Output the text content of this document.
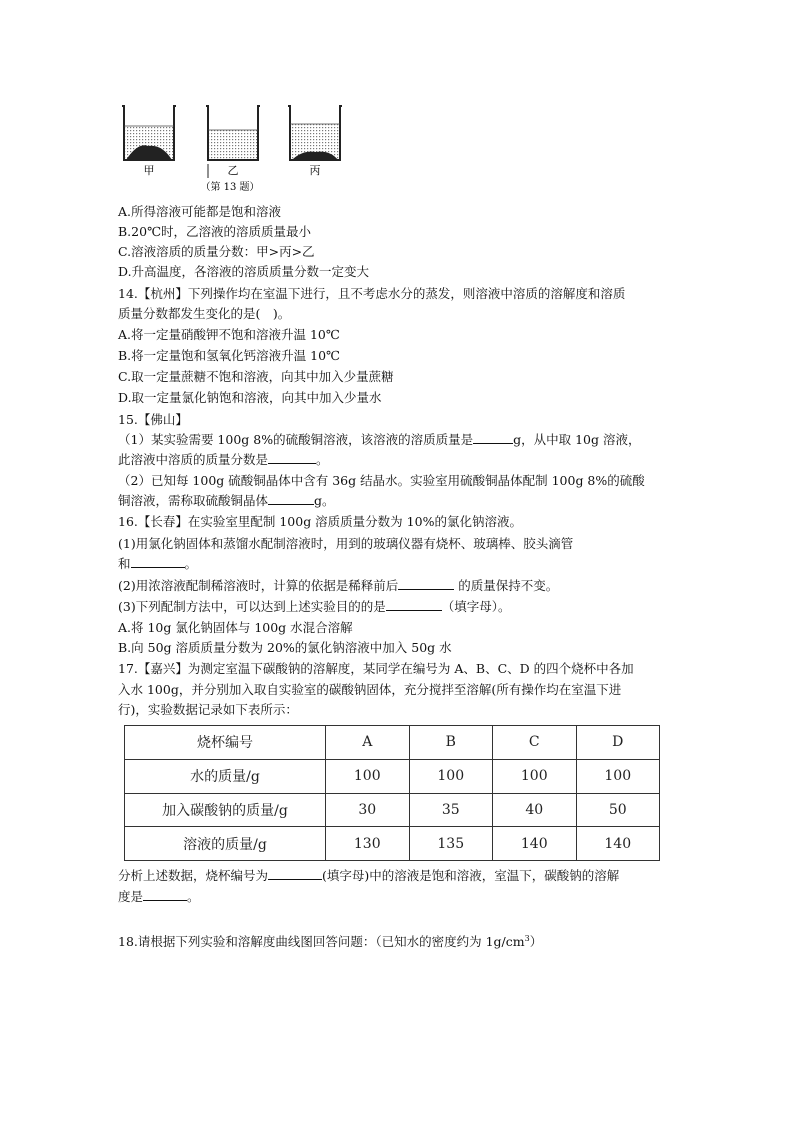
甲	乙	丙
（第 13 题）
A.所得溶液可能都是饱和溶液
B.20℃时，乙溶液的溶质质量最小
C.溶液溶质的质量分数：甲>丙>乙
D.升高温度，各溶液的溶质质量分数一定变大
14.【杭州】下列操作均在室温下进行，且不考虑水分的蒸发，则溶液中溶质的溶解度和溶质
质量分数都发生变化的是(　)。
A.将一定量硝酸钾不饱和溶液升温 10℃
B.将一定量饱和氢氧化钙溶液升温 10℃
C.取一定量蔗糖不饱和溶液，向其中加入少量蔗糖
D.取一定量氯化钠饱和溶液，向其中加入少量水
15.【佛山】
（1）某实验需要 100g 8%的硫酸铜溶液，该溶液的溶质质量是	g，从中取 10g 溶液，
此溶液中溶质的质量分数是	。
（2）已知每 100g 硫酸铜晶体中含有 36g 结晶水。实验室用硫酸铜晶体配制 100g 8%的硫酸
铜溶液，需称取硫酸铜晶体	g。
16.【长春】在实验室里配制 100g 溶质质量分数为 10%的氯化钠溶液。
(1)用氯化钠固体和蒸馏水配制溶液时，用到的玻璃仪器有烧杯、玻璃棒、胶头滴管
和	。
(2)用浓溶液配制稀溶液时，计算的依据是稀释前后	的质量保持不变。
(3)下列配制方法中，可以达到上述实验目的的是	（填字母）。
A.将 10g 氯化钠固体与 100g 水混合溶解
B.向 50g 溶质质量分数为 20%的氯化钠溶液中加入 50g 水
17.【嘉兴】为测定室温下碳酸钠的溶解度，某同学在编号为 A、B、C、D 的四个烧杯中各加
入水 100g，并分别加入取自实验室的碳酸钠固体，充分搅拌至溶解(所有操作均在室温下进
行)，实验数据记录如下表所示：
烧杯编号	A	B	C	D
水的质量/g	100	100	100	100
加入碳酸钠的质量/g	30	35	40	50
溶液的质量/g	130	135	140	140
分析上述数据，烧杯编号为	(填字母)中的溶液是饱和溶液，室温下，碳酸钠的溶解
度是	。
18.请根据下列实验和溶解度曲线图回答问题：（已知水的密度约为 $1g/cm^3$）
